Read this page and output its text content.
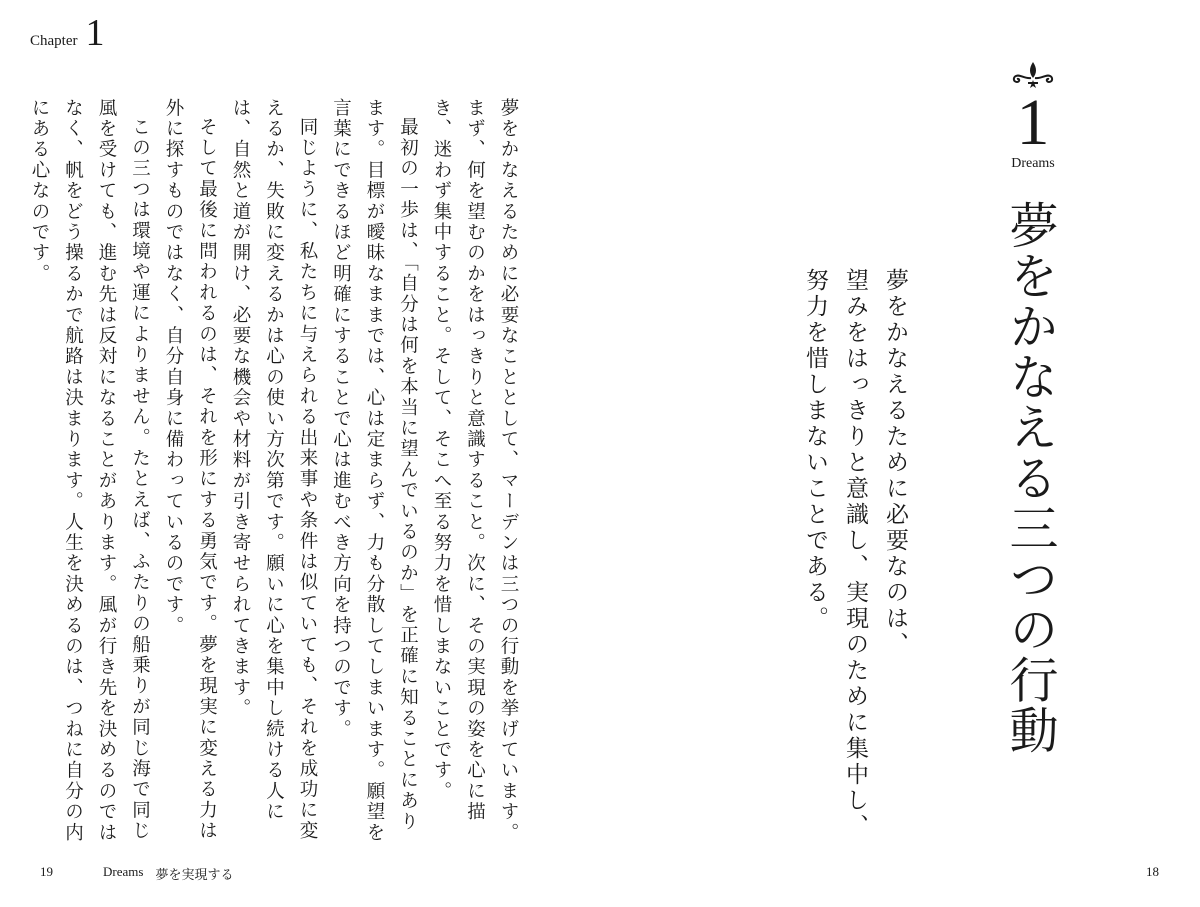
Chapter 1

夢をかなえるために必要なこととして、マーデンは三つの行動を挙げています。まず、何を望むのかをはっきりと意識すること。次に、その実現の姿を心に描き、迷わず集中すること。そして、そこへ至る努力を惜しまないことです。

最初の一歩は、「自分は何を本当に望んでいるのか」を正確に知ることにあります。目標が曖昧なままでは、心は定まらず、力も分散してしまいます。願望を言葉にできるほど明確にすることで心は進むべき方向を持つのです。

同じように、私たちに与えられる出来事や条件は似ていても、それを成功に変えるか、失敗に変えるかは心の使い方次第です。願いに心を集中し続ける人には、自然と道が開け、必要な機会や材料が引き寄せられてきます。

そして最後に問われるのは、それを形にする勇気です。夢を現実に変える力は外に探すものではなく、自分自身に備わっているのです。

この三つは環境や運によりません。たとえば、ふたりの船乗りが同じ海で同じ風を受けても、進む先は反対になることがあります。風が行き先を決めるのではなく、帆をどう操るかで航路は決まります。人生を決めるのは、つねに自分の内にある心なのです。	1
Dreams
夢をかなえる三つの行動
夢をかなえるために必要なのは、
望みをはっきりと意識し、実現のために集中し、
努力を惜しまないことである。
19	Dreams 夢を実現する	18
